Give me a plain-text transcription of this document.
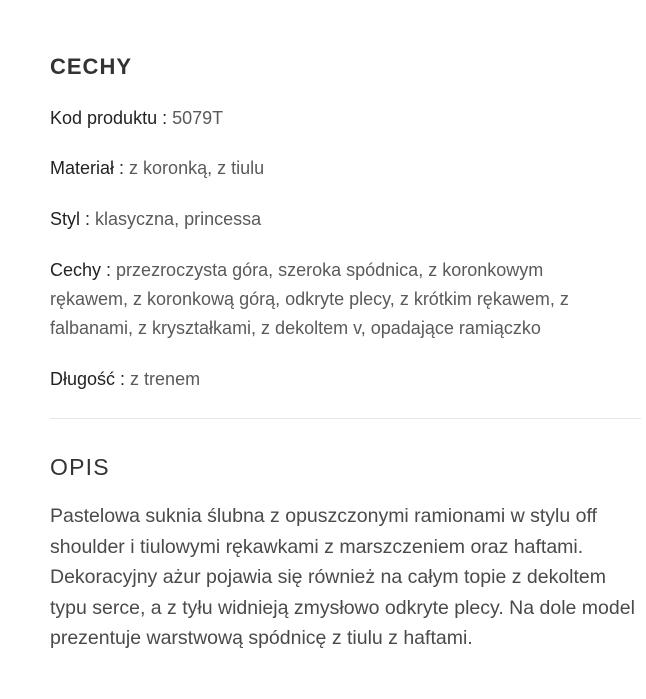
CECHY
Kod produktu : 5079T
Materiał : z koronką, z tiulu
Styl : klasyczna, princessa
Cechy : przezroczysta góra, szeroka spódnica, z koronkowym rękawem, z koronkową górą, odkryte plecy, z krótkim rękawem, z falbanami, z kryształkami, z dekoltem v, opadające ramiączko
Długość : z trenem
OPIS

Pastelowa suknia ślubna z opuszczonymi ramionami w stylu off shoulder i tiulowymi rękawkami z marszczeniem oraz haftami. Dekoracyjny ażur pojawia się również na całym topie z dekoltem typu serce, a z tyłu widnieją zmysłowo odkryte plecy. Na dole model prezentuje warstwową spódnicę z tiulu z haftami.
